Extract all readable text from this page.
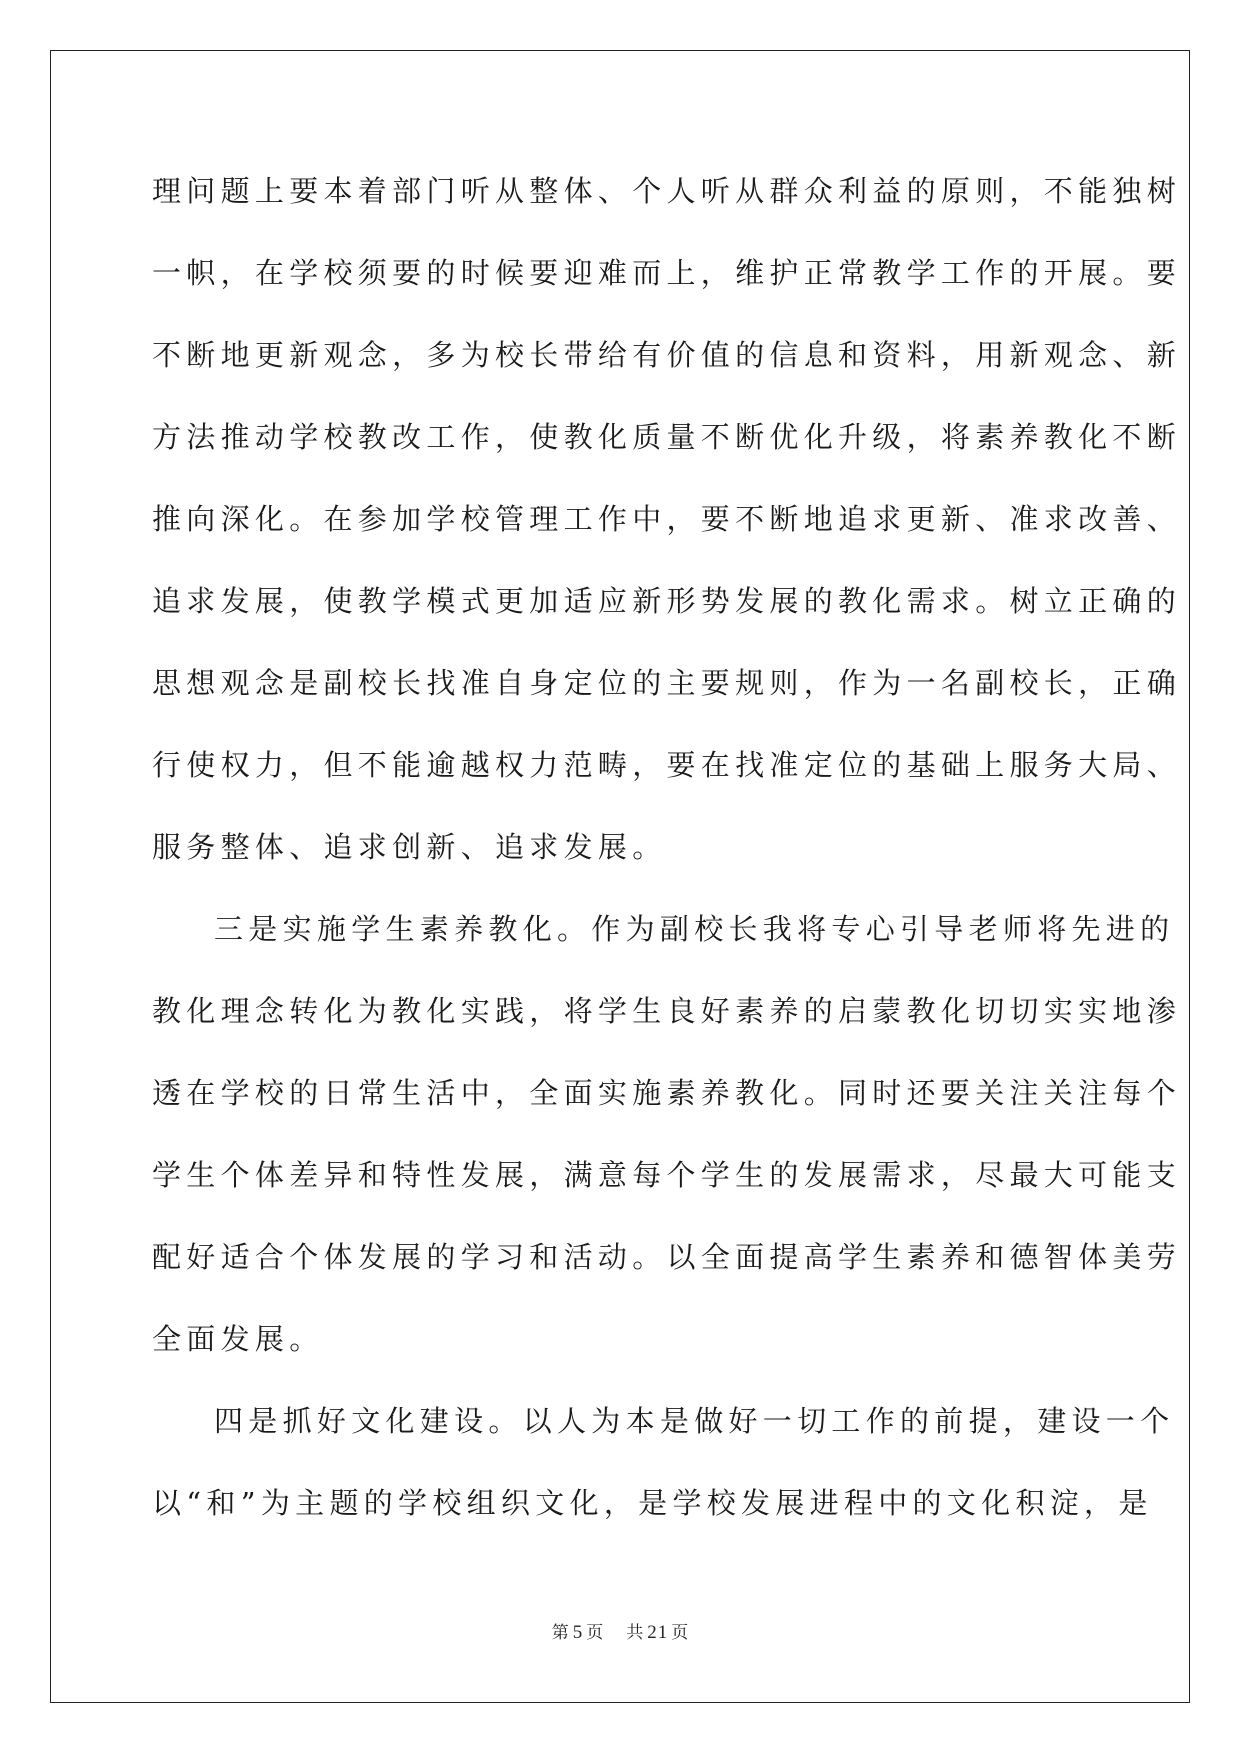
理问题上要本着部门听从整体、个人听从群众利益的原则，不能独树
一帜，在学校须要的时候要迎难而上，维护正常教学工作的开展。要
不断地更新观念，多为校长带给有价值的信息和资料，用新观念、新
方法推动学校教改工作，使教化质量不断优化升级，将素养教化不断
推向深化。在参加学校管理工作中，要不断地追求更新、准求改善、
追求发展，使教学模式更加适应新形势发展的教化需求。树立正确的
思想观念是副校长找准自身定位的主要规则，作为一名副校长，正确
行使权力，但不能逾越权力范畴，要在找准定位的基础上服务大局、
服务整体、追求创新、追求发展。
三是实施学生素养教化。作为副校长我将专心引导老师将先进的
教化理念转化为教化实践，将学生良好素养的启蒙教化切切实实地渗
透在学校的日常生活中，全面实施素养教化。同时还要关注关注每个
学生个体差异和特性发展，满意每个学生的发展需求，尽最大可能支
配好适合个体发展的学习和活动。以全面提高学生素养和德智体美劳
全面发展。
四是抓好文化建设。以人为本是做好一切工作的前提，建设一个
以“和”为主题的学校组织文化，是学校发展进程中的文化积淀，是
第 5 页 共 21 页
